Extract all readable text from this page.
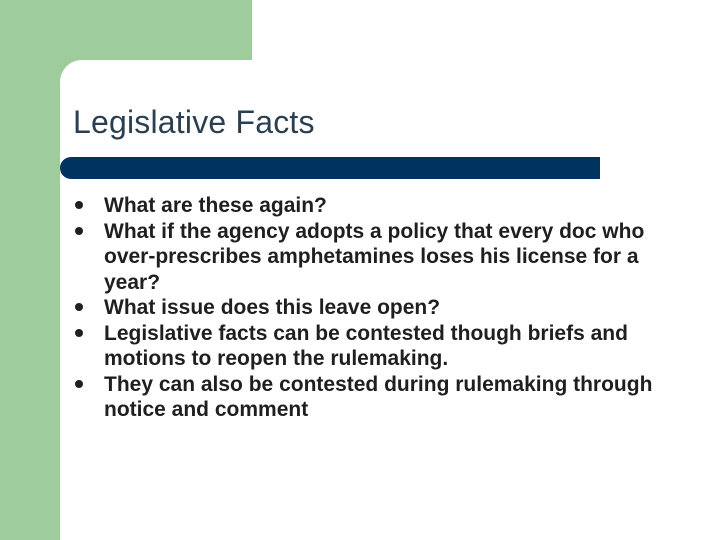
Legislative Facts
What are these again?
What if the agency adopts a policy that every doc who over-prescribes amphetamines loses his license for a year?
What issue does this leave open?
Legislative facts can be contested though briefs and motions to reopen the rulemaking.
They can also be contested during rulemaking through notice and comment
